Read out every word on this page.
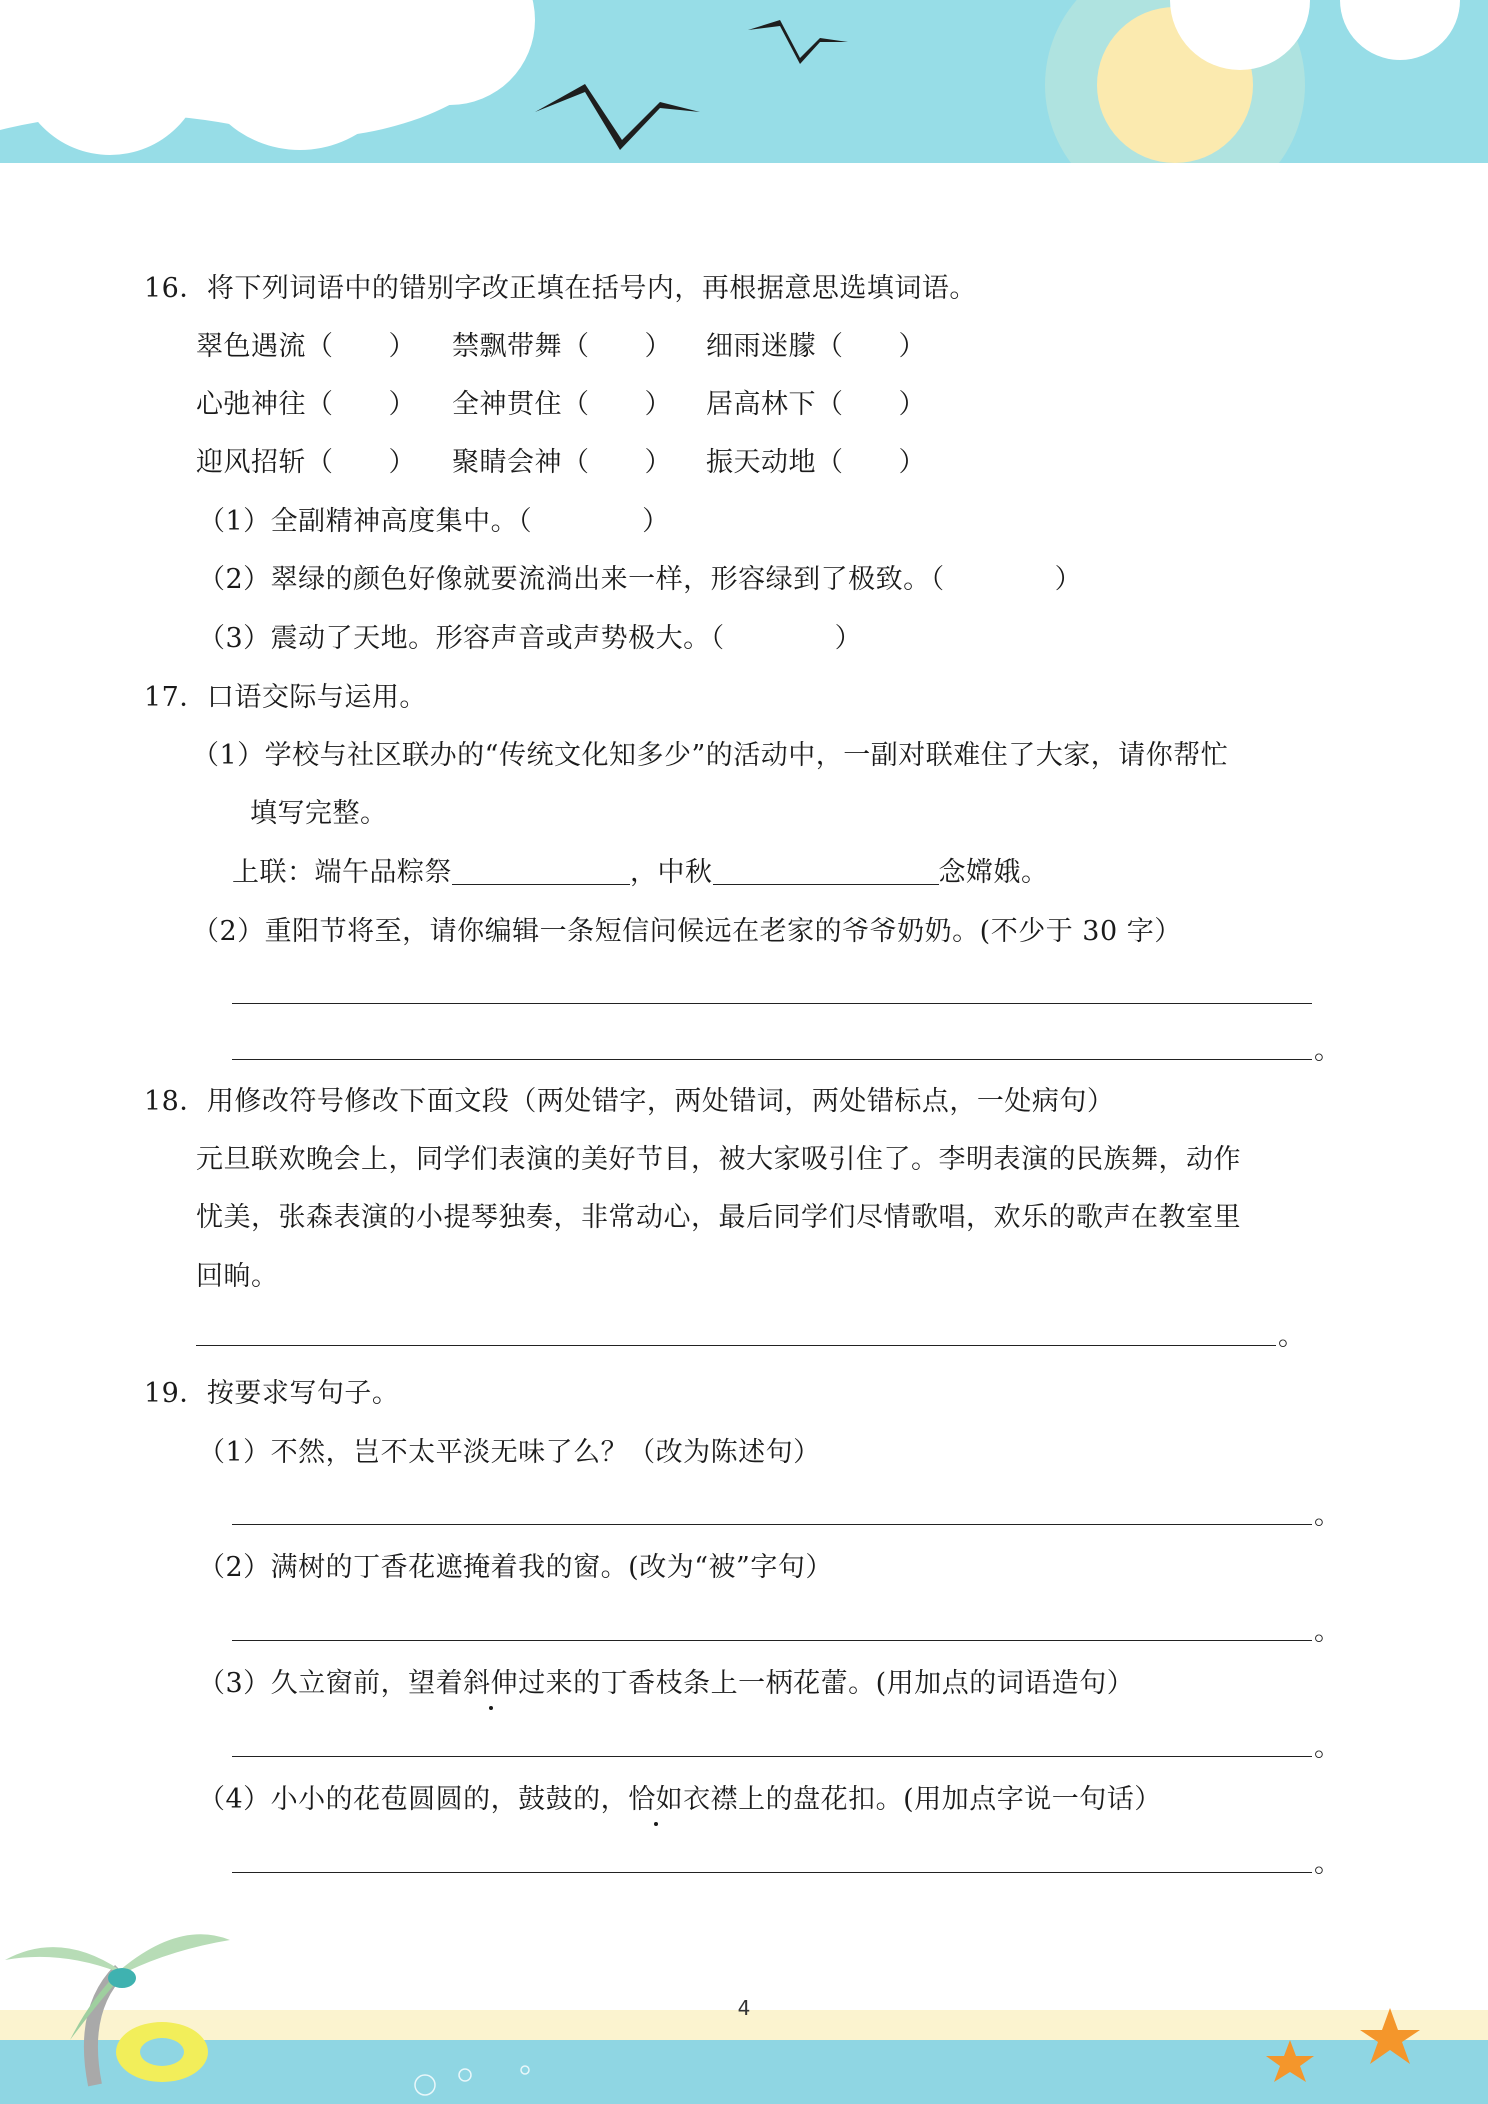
16．将下列词语中的错别字改正填在括号内，再根据意思选填词语。
翠色遇流（　　） 禁飘带舞（　　） 细雨迷朦（　　）
心弛神往（　　） 全神贯住（　　） 居高林下（　　）
迎风招斩（　　） 聚睛会神（　　） 振天动地（　　）
（1）全副精神高度集中。（　　　　）
（2）翠绿的颜色好像就要流淌出来一样，形容绿到了极致。（　　　　）
（3）震动了天地。形容声音或声势极大。（　　　　）
17．口语交际与运用。
（1）学校与社区联办的“传统文化知多少”的活动中，一副对联难住了大家，请你帮忙
填写完整。
上联：端午品粽祭	，中秋	念嫦娥。
（2）重阳节将至，请你编辑一条短信问候远在老家的爷爷奶奶。(不少于 30 字）
。
18．用修改符号修改下面文段（两处错字，两处错词，两处错标点，一处病句）
元旦联欢晚会上，同学们表演的美好节目，被大家吸引住了。李明表演的民族舞，动作
忧美，张森表演的小提琴独奏，非常动心，最后同学们尽情歌唱，欢乐的歌声在教室里
回晌。
。
19．按要求写句子。
（1）不然，岂不太平淡无味了么？（改为陈述句）
。
（2）满树的丁香花遮掩着我的窗。(改为“被”字句）
。
（3）久立窗前，望着斜伸过来的丁香枝条上一柄花蕾。(用加点的词语造句）
。
（4）小小的花苞圆圆的，鼓鼓的，恰如衣襟上的盘花扣。(用加点字说一句话）
。
4
